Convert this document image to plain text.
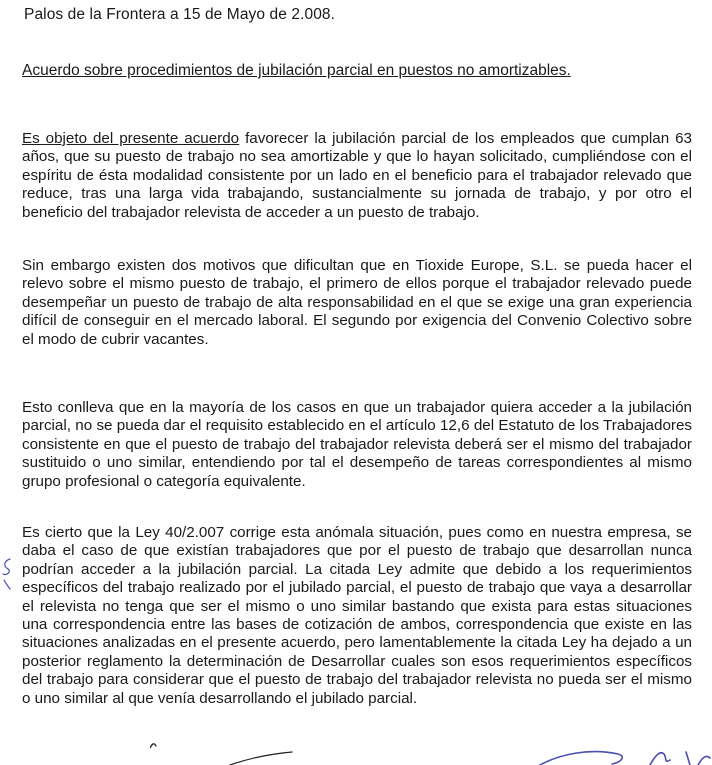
Palos de la Frontera a 15 de Mayo de 2.008.
Acuerdo sobre procedimientos de jubilación parcial en puestos no amortizables.

Es objeto del presente acuerdo favorecer la jubilación parcial de los empleados que cumplan 63 años, que su puesto de trabajo no sea amortizable y que lo hayan solicitado, cumpliéndose con el espíritu de ésta modalidad consistente por un lado en el beneficio para el trabajador relevado que reduce, tras una larga vida trabajando, sustancialmente su jornada de trabajo, y por otro el beneficio del trabajador relevista de acceder a un puesto de trabajo.

Sin embargo existen dos motivos que dificultan que en Tioxide Europe, S.L. se pueda hacer el relevo sobre el mismo puesto de trabajo, el primero de ellos porque el trabajador relevado puede desempeñar un puesto de trabajo de alta responsabilidad en el que se exige una gran experiencia difícil de conseguir en el mercado laboral. El segundo por exigencia del Convenio Colectivo sobre el modo de cubrir vacantes.

Esto conlleva que en la mayoría de los casos en que un trabajador quiera acceder a la jubilación parcial, no se pueda dar el requisito establecido en el artículo 12,6 del Estatuto de los Trabajadores consistente en que el puesto de trabajo del trabajador relevista deberá ser el mismo del trabajador sustituido o uno similar, entendiendo por tal el desempeño de tareas correspondientes al mismo grupo profesional o categoría equivalente.

Es cierto que la Ley 40/2.007 corrige esta anómala situación, pues como en nuestra empresa, se daba el caso de que existían trabajadores que por el puesto de trabajo que desarrollan nunca podrían acceder a la jubilación parcial. La citada Ley admite que debido a los requerimientos específicos del trabajo realizado por el jubilado parcial, el puesto de trabajo que vaya a desarrollar el relevista no tenga que ser el mismo o uno similar bastando que exista para estas situaciones una correspondencia entre las bases de cotización de ambos, correspondencia que existe en las situaciones analizadas en el presente acuerdo, pero lamentablemente la citada Ley ha dejado a un posterior reglamento la determinación de Desarrollar cuales son esos requerimientos específicos del trabajo para considerar que el puesto de trabajo del trabajador relevista no pueda ser el mismo o uno similar al que venía desarrollando el jubilado parcial.
